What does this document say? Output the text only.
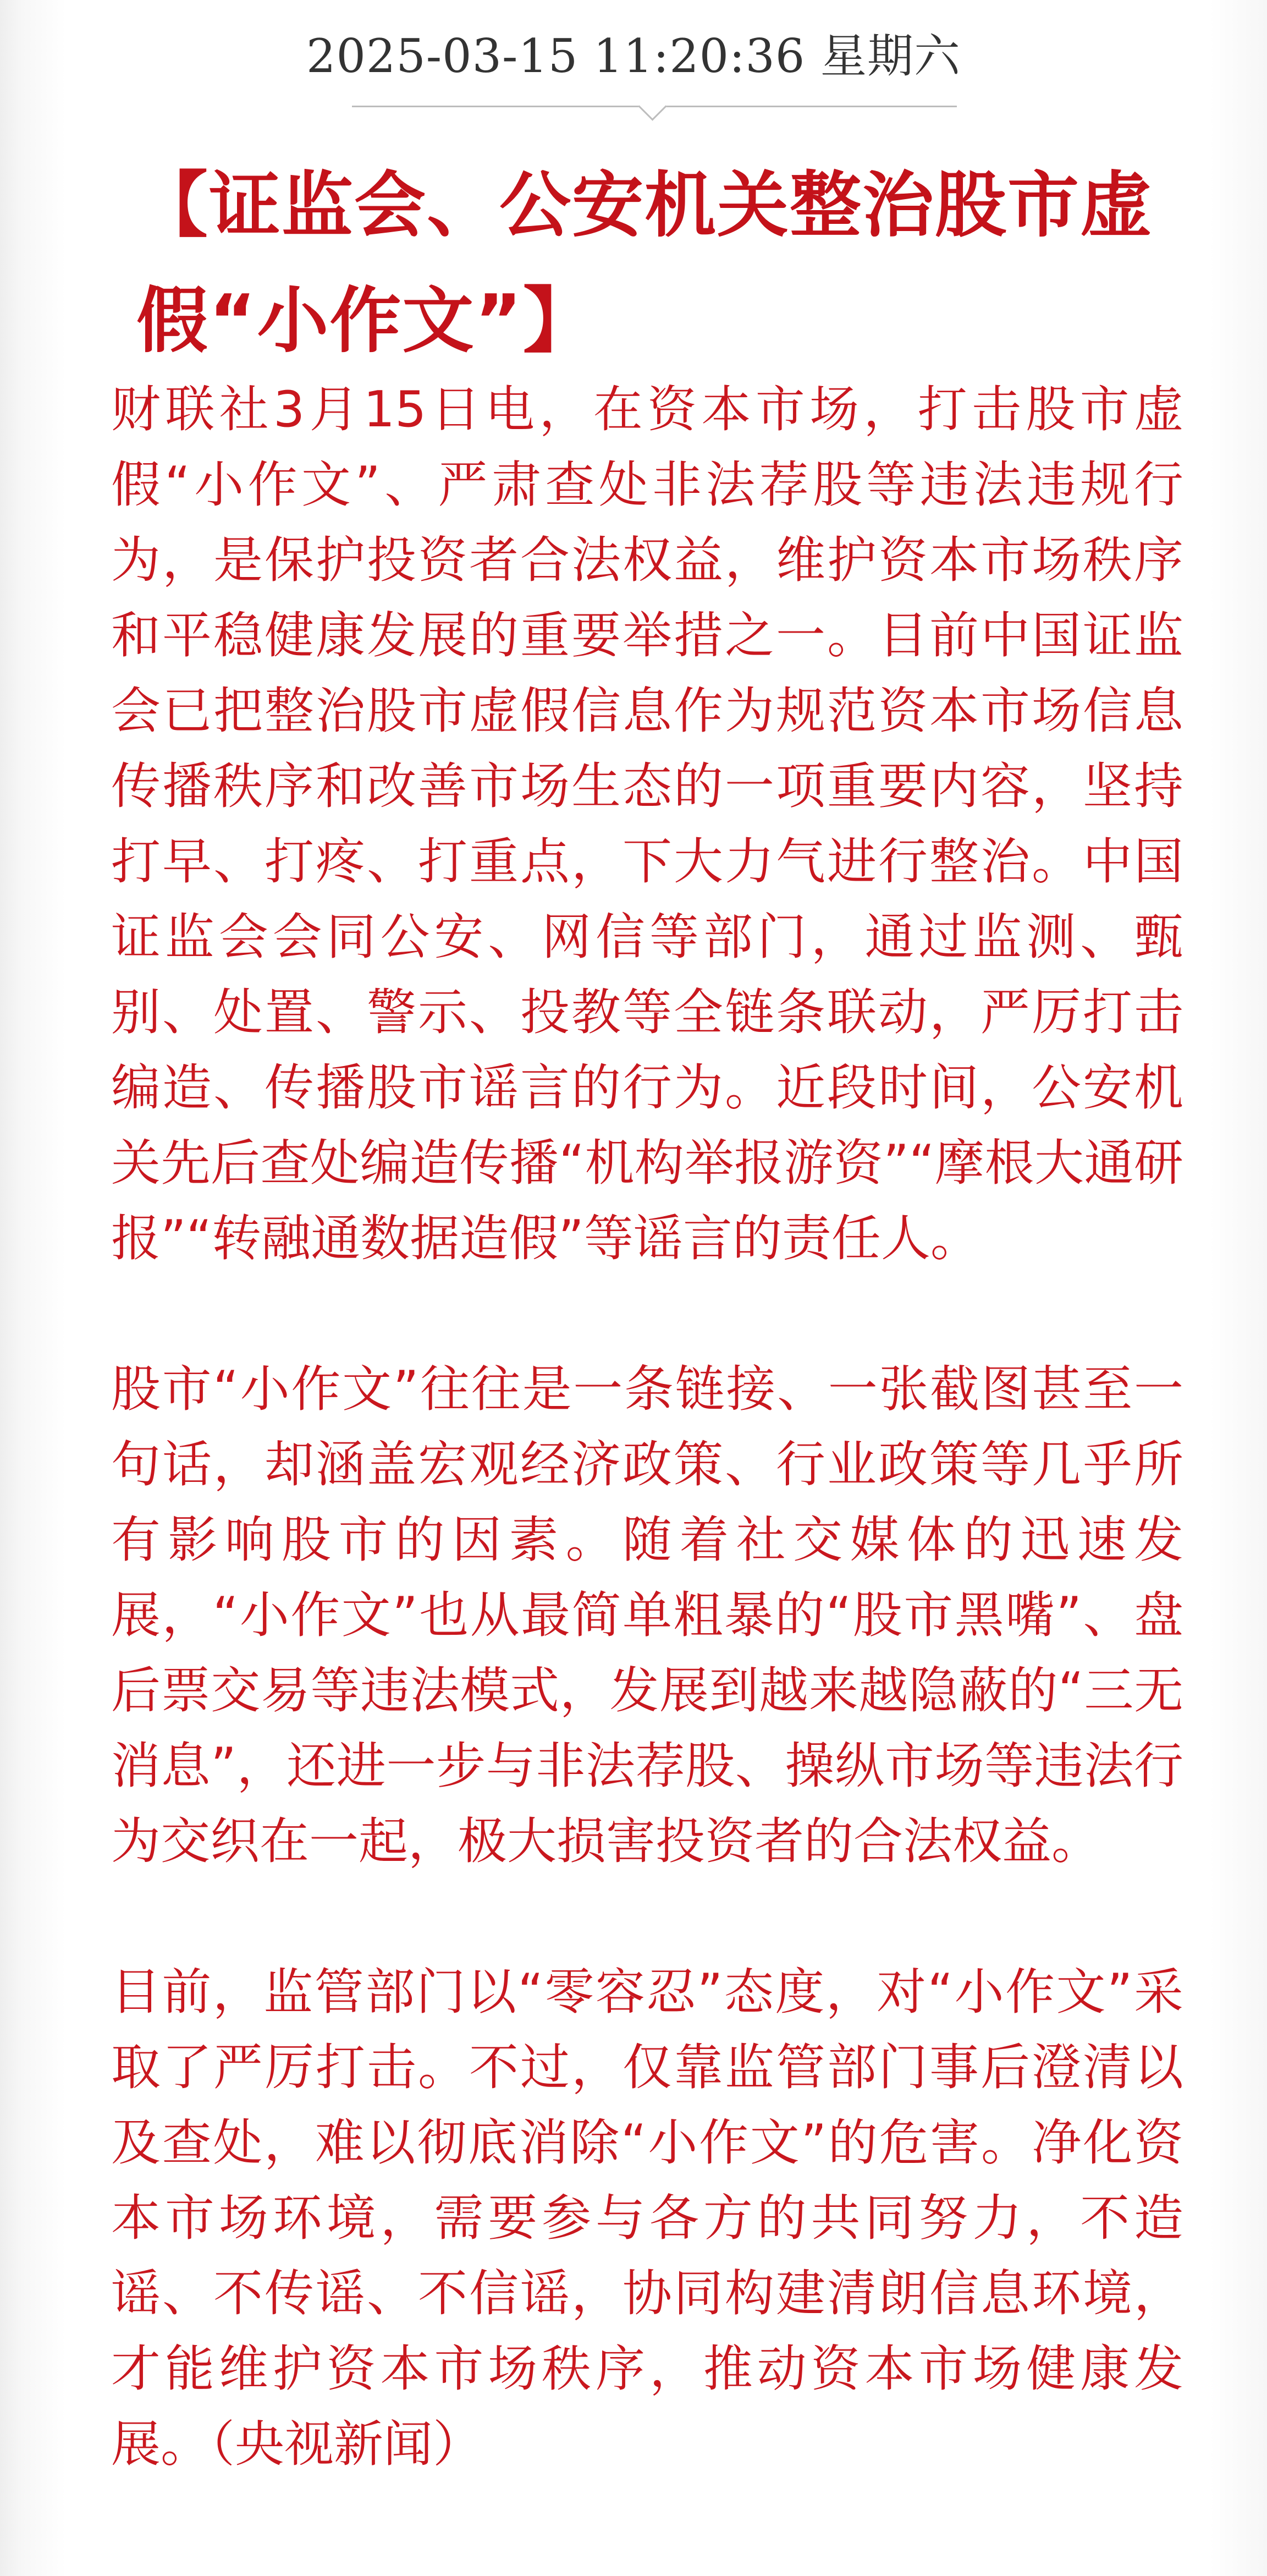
2025-03-15 11:20:36 星期六
【证监会、公安机关整治股市虚假“小作文”】

财联社3月15日电，在资本市场，打击股市虚假“小作文”、严肃查处非法荐股等违法违规行为，是保护投资者合法权益，维护资本市场秩序和平稳健康发展的重要举措之一。目前中国证监会已把整治股市虚假信息作为规范资本市场信息传播秩序和改善市场生态的一项重要内容，坚持打早、打疼、打重点，下大力气进行整治。中国证监会会同公安、网信等部门，通过监测、甄别、处置、警示、投教等全链条联动，严厉打击编造、传播股市谣言的行为。近段时间，公安机关先后查处编造传播“机构举报游资”“摩根大通研报”“转融通数据造假”等谣言的责任人。

股市“小作文”往往是一条链接、一张截图甚至一句话，却涵盖宏观经济政策、行业政策等几乎所有影响股市的因素。随着社交媒体的迅速发展，“小作文”也从最简单粗暴的“股市黑嘴”、盘后票交易等违法模式，发展到越来越隐蔽的“三无消息”，还进一步与非法荐股、操纵市场等违法行为交织在一起，极大损害投资者的合法权益。

目前，监管部门以“零容忍”态度，对“小作文”采取了严厉打击。不过，仅靠监管部门事后澄清以及查处，难以彻底消除“小作文”的危害。净化资本市场环境，需要参与各方的共同努力，不造谣、不传谣、不信谣，协同构建清朗信息环境，才能维护资本市场秩序，推动资本市场健康发展。（央视新闻）
